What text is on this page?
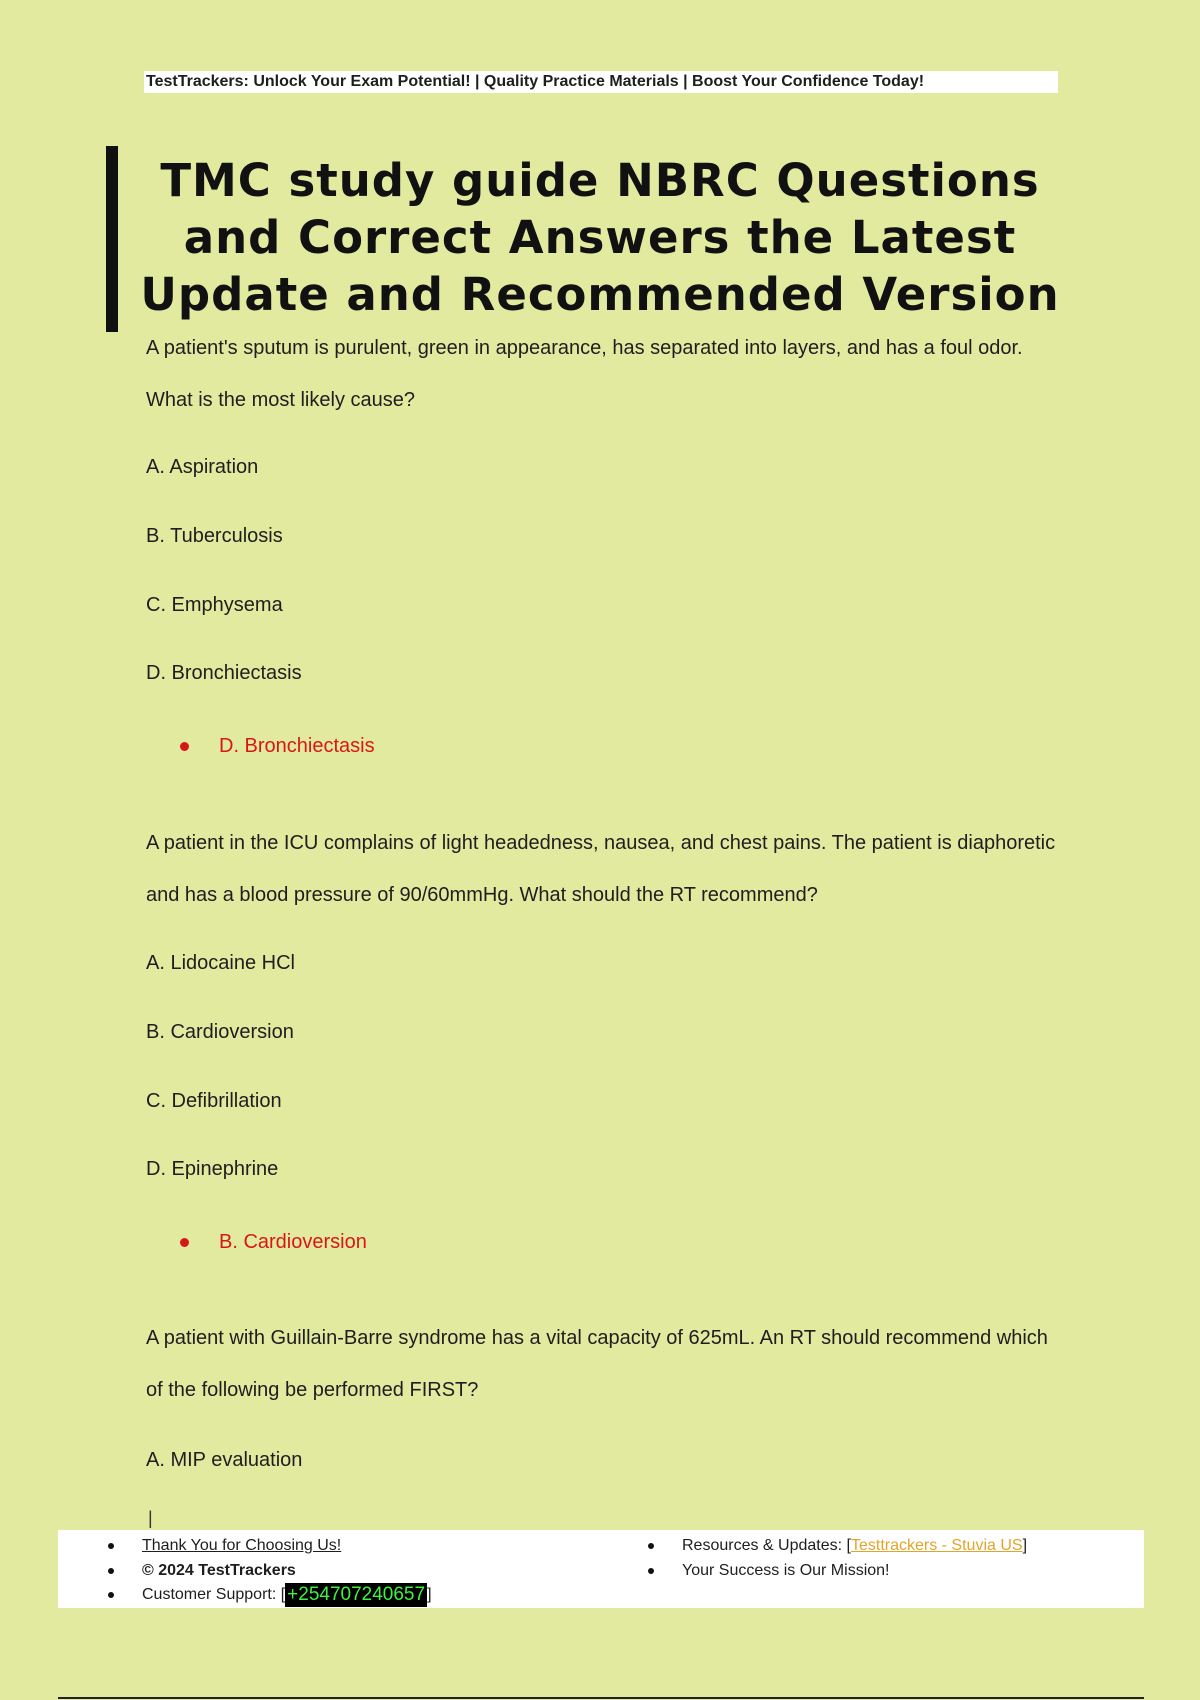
TestTrackers: Unlock Your Exam Potential! | Quality Practice Materials | Boost Your Confidence Today!
TMC study guide NBRC Questions and Correct Answers the Latest Update and Recommended Version
A patient's sputum is purulent, green in appearance, has separated into layers, and has a foul odor. What is the most likely cause?
A. Aspiration
B. Tuberculosis
C. Emphysema
D. Bronchiectasis
D. Bronchiectasis
A patient in the ICU complains of light headedness, nausea, and chest pains. The patient is diaphoretic and has a blood pressure of 90/60mmHg. What should the RT recommend?
A. Lidocaine HCl
B. Cardioversion
C. Defibrillation
D. Epinephrine
B. Cardioversion
A patient with Guillain-Barre syndrome has a vital capacity of 625mL. An RT should recommend which of the following be performed FIRST?
A. MIP evaluation
|
Thank You for Choosing Us!
© 2024 TestTrackers
Customer Support: [ +254707240657 ]
Resources & Updates: [ Testtrackers - Stuvia US ]
Your Success is Our Mission!
